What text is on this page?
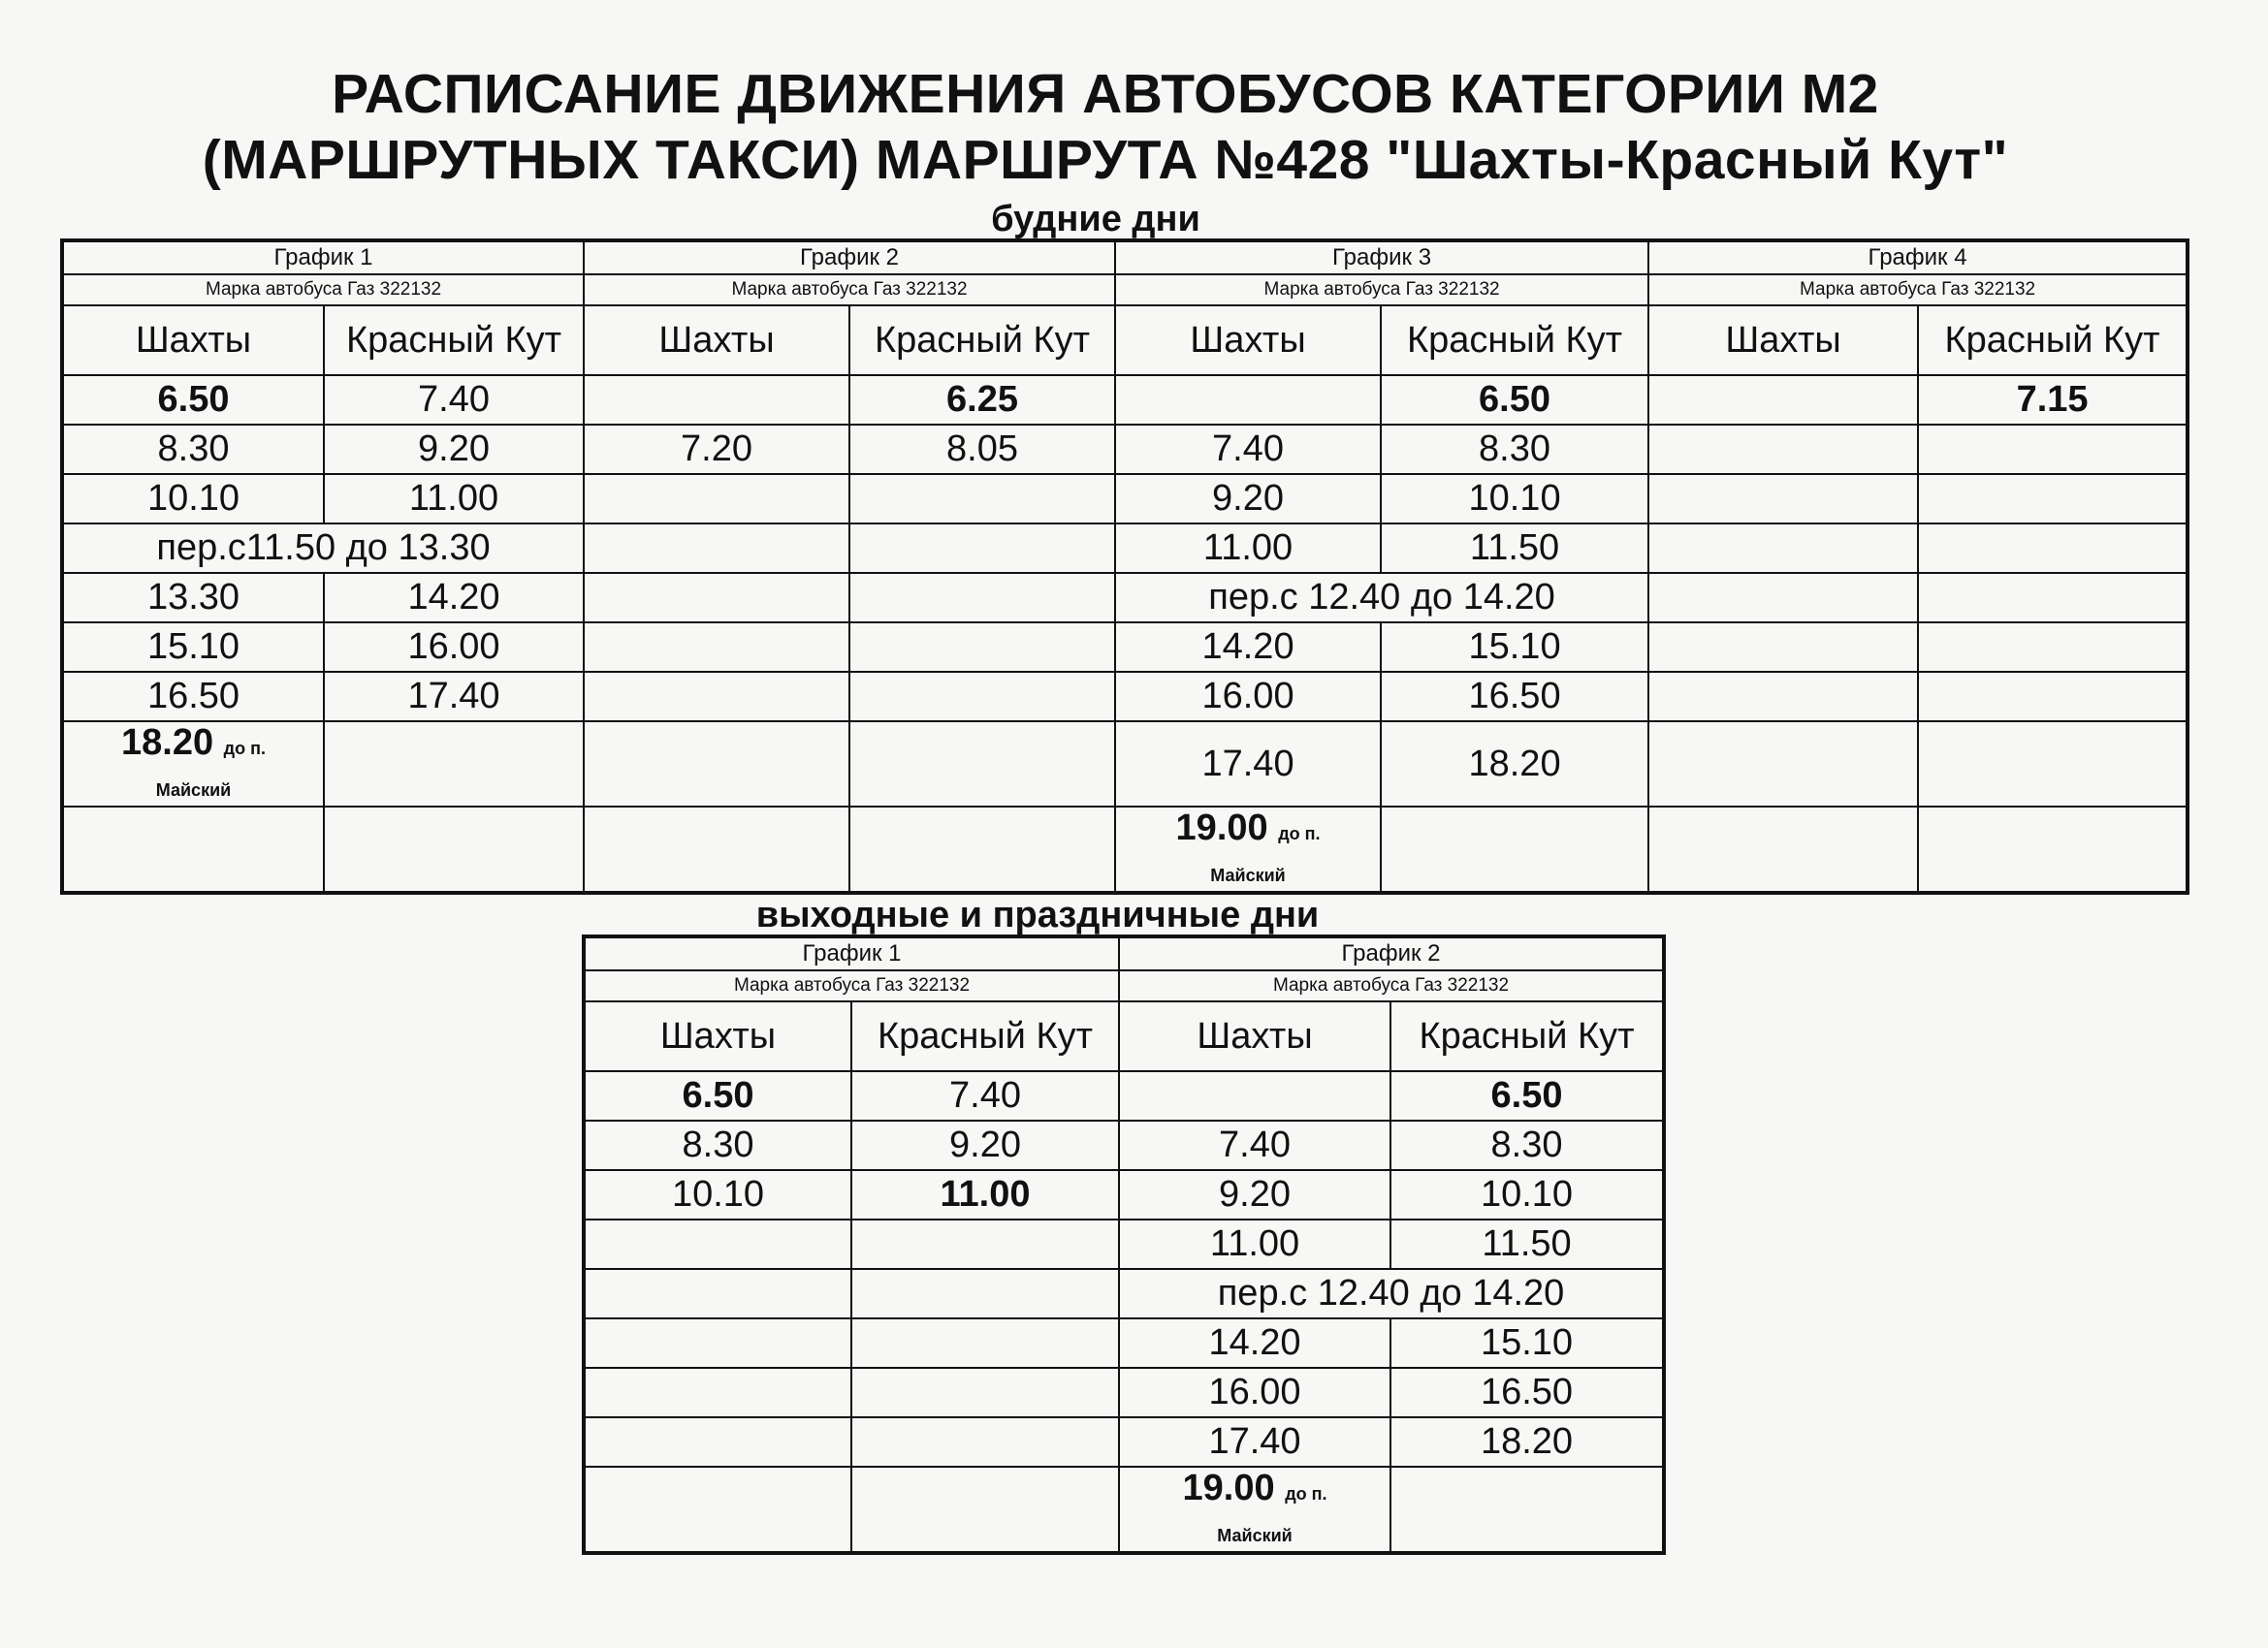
РАСПИСАНИЕ ДВИЖЕНИЯ АВТОБУСОВ КАТЕГОРИИ М2
(МАРШРУТНЫХ ТАКСИ) МАРШРУТА №428 "Шахты-Красный Кут"
будние дни
График 1		График 2		График 3		График 4	
Марка автобуса Газ 322132		Марка автобуса Газ 322132		Марка автобуса Газ 322132		Марка автобуса Газ 322132	
Шахты	Красный Кут	Шахты	Красный Кут	Шахты	Красный Кут	Шахты	Красный Кут
6.50	7.40		6.25		6.50		7.15
8.30	9.20	7.20	8.05	7.40	8.30		
10.10	11.00			9.20	10.10		
пер.с11.50 до 13.30				11.00	11.50		
13.30	14.20			пер.с 12.40 до 14.20			
15.10	16.00			14.20	15.10		
16.50	17.40			16.00	16.50		
18.20 до п.
Майский				17.40	18.20		
				19.00 до п.
Майский			
выходные и праздничные дни
График 1		График 2	
Марка автобуса Газ 322132		Марка автобуса Газ 322132	
Шахты	Красный Кут	Шахты	Красный Кут
6.50	7.40		6.50
8.30	9.20	7.40	8.30
10.10	11.00	9.20	10.10
		11.00	11.50
		пер.с 12.40 до 14.20	
		14.20	15.10
		16.00	16.50
		17.40	18.20
		19.00 до п.
Майский	
